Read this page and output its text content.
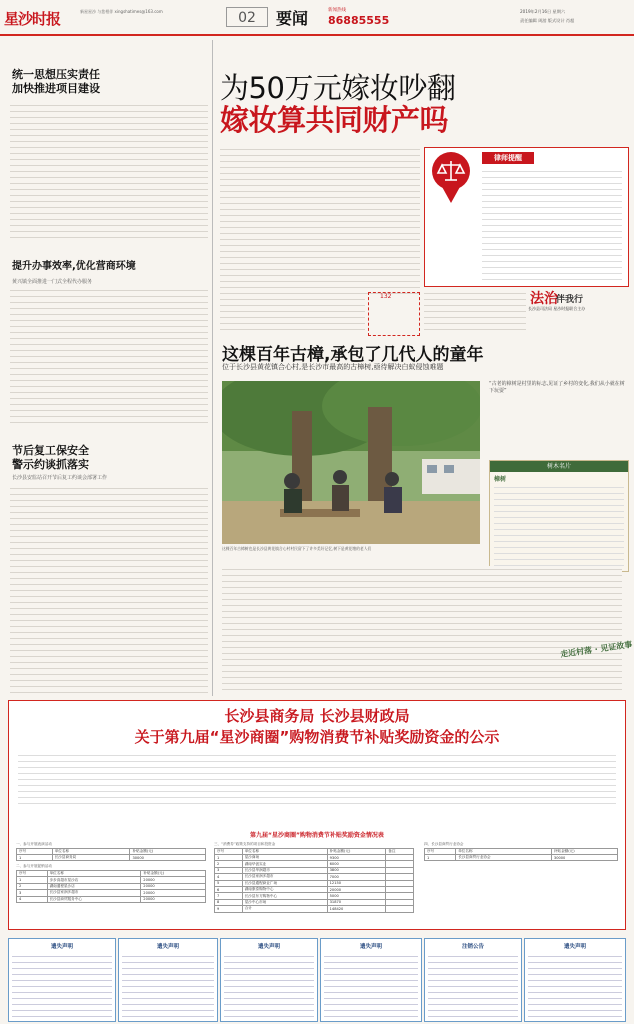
星沙时报	新星星沙 与您相伴 xingshatimes@163.com	02	要闻	新闻热线
86885555
2019年2月16日 星期六
责任编辑 周游 版式设计 肖超
统一思想压实责任
加快推进项目建设
提升办事效率,优化营商环境
黄兴镇全面推进一门式全程代办服务
节后复工保安全
警示约谈抓落实
长沙县安监站召开节后复工约谈会部署工作
为50万元嫁妆吵翻
嫁妆算共同财产吗
律师提醒
132	法治
伴我行
长沙县司法局 星沙时报联合主办
这棵百年古樟,承包了几代人的童年
位于长沙县黄花镇合心村,是长沙市最高的古樟树,亟待解决白蚁侵蚀难题
这棵百年古樟树也是长沙县黄花镇合心村村民留下了许多美好记忆,树下是黄花塘的老人们
“古老的樟树是村里的标志,见证了乡村的变化,我们从小就在树下玩耍”
树木名片
樟树
走近村落 · 见证故事
长沙县商务局 长沙县财政局
关于第九届“星沙商圈”购物消费节补贴奖励资金的公示
第九届“星沙商圈”购物消费节补贴奖励资金情况表
一、参与开展表演活动
序号	单位名称	补贴金额(元)
1	长沙县商务局	30000
二、参与开展促销活动
序号	单位名称	补贴金额(元)
1	步步高超市星沙店	20000
2	湖南通程星沙店	20000
3	长沙县家润多超市	20000
4	长沙县商贸服务中心	20000
三、“消费券”政策支持的项目和投资金
序号	单位名称	补贴金额(元)	备注
1	星沙商场	9300	
2	湖南华创实业	6000	
3	长沙县华润超市	3800	
4	长沙县家润多超市	7000	
5	长沙县通程商业广场	12150	
6	湖南康泰购物中心	20000	
7	长沙县东方购物中心	5000	
8	星沙中心市场	31870	
9	合计	148420	
四、长沙县商贸行业协会
序号	单位名称	补贴金额(元)
1	长沙县商贸行业协会	30000
遗失声明	遗失声明	遗失声明	遗失声明	注销公告	遗失声明
